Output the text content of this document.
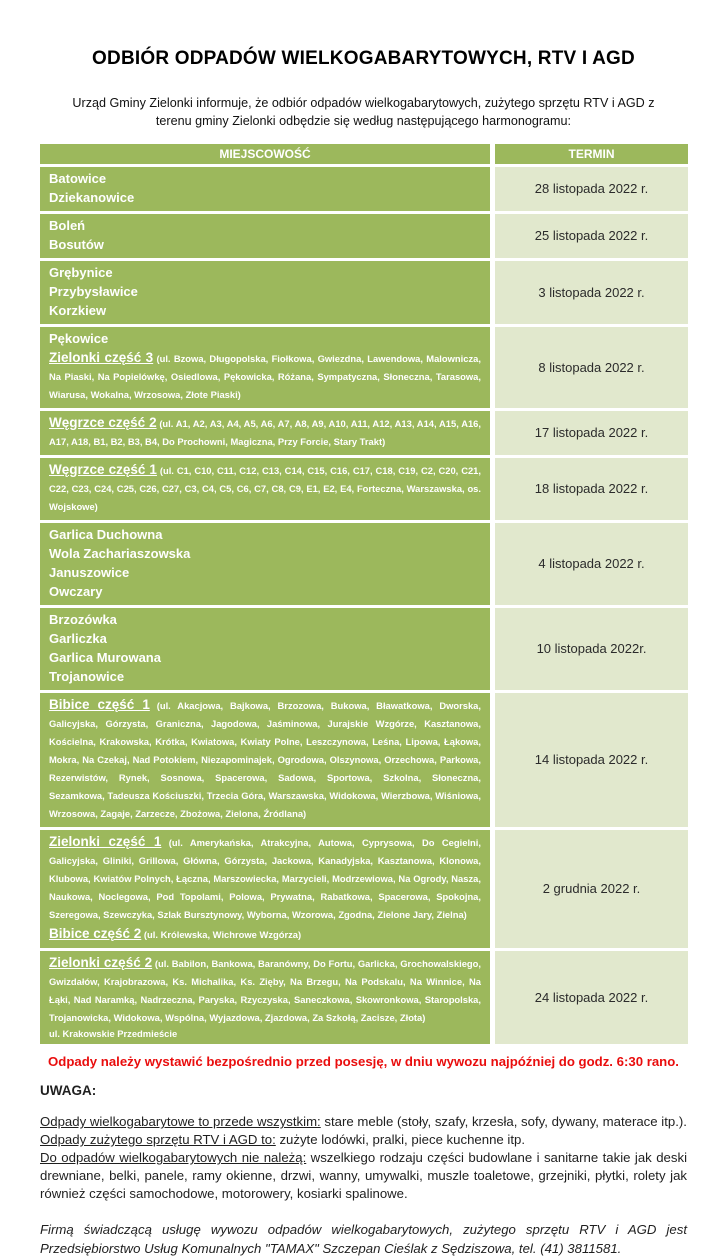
ODBIÓR ODPADÓW WIELKOGABARYTOWYCH, RTV I AGD

Urząd Gminy Zielonki informuje, że odbiór odpadów wielkogabarytowych, zużytego sprzętu RTV i AGD z terenu gminy Zielonki odbędzie się według następującego harmonogramu:

MIEJSCOWOŚĆ	TERMIN
Batowice
Dziekanowice
28 listopada 2022 r.
Boleń
Bosutów
25 listopada 2022 r.
Grębynice
Przybysławice
Korzkiew
3 listopada 2022 r.
Pękowice
Zielonki część 3 (ul. Bzowa, Długopolska, Fiołkowa, Gwiezdna, Lawendowa, Malownicza, Na Piaski, Na Popielówkę, Osiedlowa, Pękowicka, Różana, Sympatyczna, Słoneczna, Tarasowa, Wiarusa, Wokalna, Wrzosowa, Złote Piaski)
8 listopada 2022 r.
Węgrzce część 2 (ul. A1, A2, A3, A4, A5, A6, A7, A8, A9, A10, A11, A12, A13, A14, A15, A16, A17, A18, B1, B2, B3, B4, Do Prochowni, Magiczna, Przy Forcie, Stary Trakt)
17 listopada 2022 r.
Węgrzce część 1 (ul. C1, C10, C11, C12, C13, C14, C15, C16, C17, C18, C19, C2, C20, C21, C22, C23, C24, C25, C26, C27, C3, C4, C5, C6, C7, C8, C9, E1, E2, E4, Forteczna, Warszawska, os. Wojskowe)
18 listopada 2022 r.
Garlica Duchowna
Wola Zachariaszowska
Januszowice
Owczary
4 listopada 2022 r.
Brzozówka
Garliczka
Garlica Murowana
Trojanowice
10 listopada 2022r.
Bibice część 1 (ul. Akacjowa, Bajkowa, Brzozowa, Bukowa, Bławatkowa, Dworska, Galicyjska, Górzysta, Graniczna, Jagodowa, Jaśminowa, Jurajskie Wzgórze, Kasztanowa, Kościelna, Krakowska, Krótka, Kwiatowa, Kwiaty Polne, Leszczynowa, Leśna, Lipowa, Łąkowa, Mokra, Na Czekaj, Nad Potokiem, Niezapominajek, Ogrodowa, Olszynowa, Orzechowa, Parkowa, Rezerwistów, Rynek, Sosnowa, Spacerowa, Sadowa, Sportowa, Szkolna, Słoneczna, Sezamkowa, Tadeusza Kościuszki, Trzecia Góra, Warszawska, Widokowa, Wierzbowa, Wiśniowa, Wrzosowa, Zagaje, Zarzecze, Zbożowa, Zielona, Źródlana)
14 listopada 2022 r.
Zielonki część 1 (ul. Amerykańska, Atrakcyjna, Autowa, Cyprysowa, Do Cegielni, Galicyjska, Gliniki, Grillowa, Główna, Górzysta, Jackowa, Kanadyjska, Kasztanowa, Klonowa, Klubowa, Kwiatów Polnych, Łączna, Marszowiecka, Marzycieli, Modrzewiowa, Na Ogrody, Nasza, Naukowa, Noclegowa, Pod Topolami, Polowa, Prywatna, Rabatkowa, Spacerowa, Spokojna, Szeregowa, Szewczyka, Szlak Bursztynowy, Wyborna, Wzorowa, Zgodna, Zielone Jary, Zielna)
Bibice część 2 (ul. Królewska, Wichrowe Wzgórza)
2 grudnia 2022 r.
Zielonki część 2 (ul. Babilon, Bankowa, Baranówny, Do Fortu, Garlicka, Grochowalskiego, Gwizdałów, Krajobrazowa, Ks. Michalika, Ks. Zięby, Na Brzegu, Na Podskalu, Na Winnice, Na Łąki, Nad Naramką, Nadrzeczna, Paryska, Rzyczyska, Saneczkowa, Skowronkowa, Staropolska, Trojanowicka, Widokowa, Wspólna, Wyjazdowa, Zjazdowa, Za Szkołą, Zacisze, Złota)
ul. Krakowskie Przedmieście
24 listopada 2022 r.

Odpady należy wystawić bezpośrednio przed posesję, w dniu wywozu najpóźniej do godz. 6:30 rano.

UWAGA:

Odpady wielkogabarytowe to przede wszystkim: stare meble (stoły, szafy, krzesła, sofy, dywany, materace itp.).

Odpady zużytego sprzętu RTV i AGD to: zużyte lodówki, pralki, piece kuchenne itp.

Do odpadów wielkogabarytowych nie należą: wszelkiego rodzaju części budowlane i sanitarne takie jak deski drewniane, belki, panele, ramy okienne, drzwi, wanny, umywalki, muszle toaletowe, grzejniki, płytki, rolety jak również części samochodowe, motorowery, kosiarki spalinowe.

Firmą świadczącą usługę wywozu odpadów wielkogabarytowych, zużytego sprzętu RTV i AGD jest Przedsiębiorstwo Usług Komunalnych "TAMAX" Szczepan Cieślak z Sędziszowa, tel. (41) 3811581.
